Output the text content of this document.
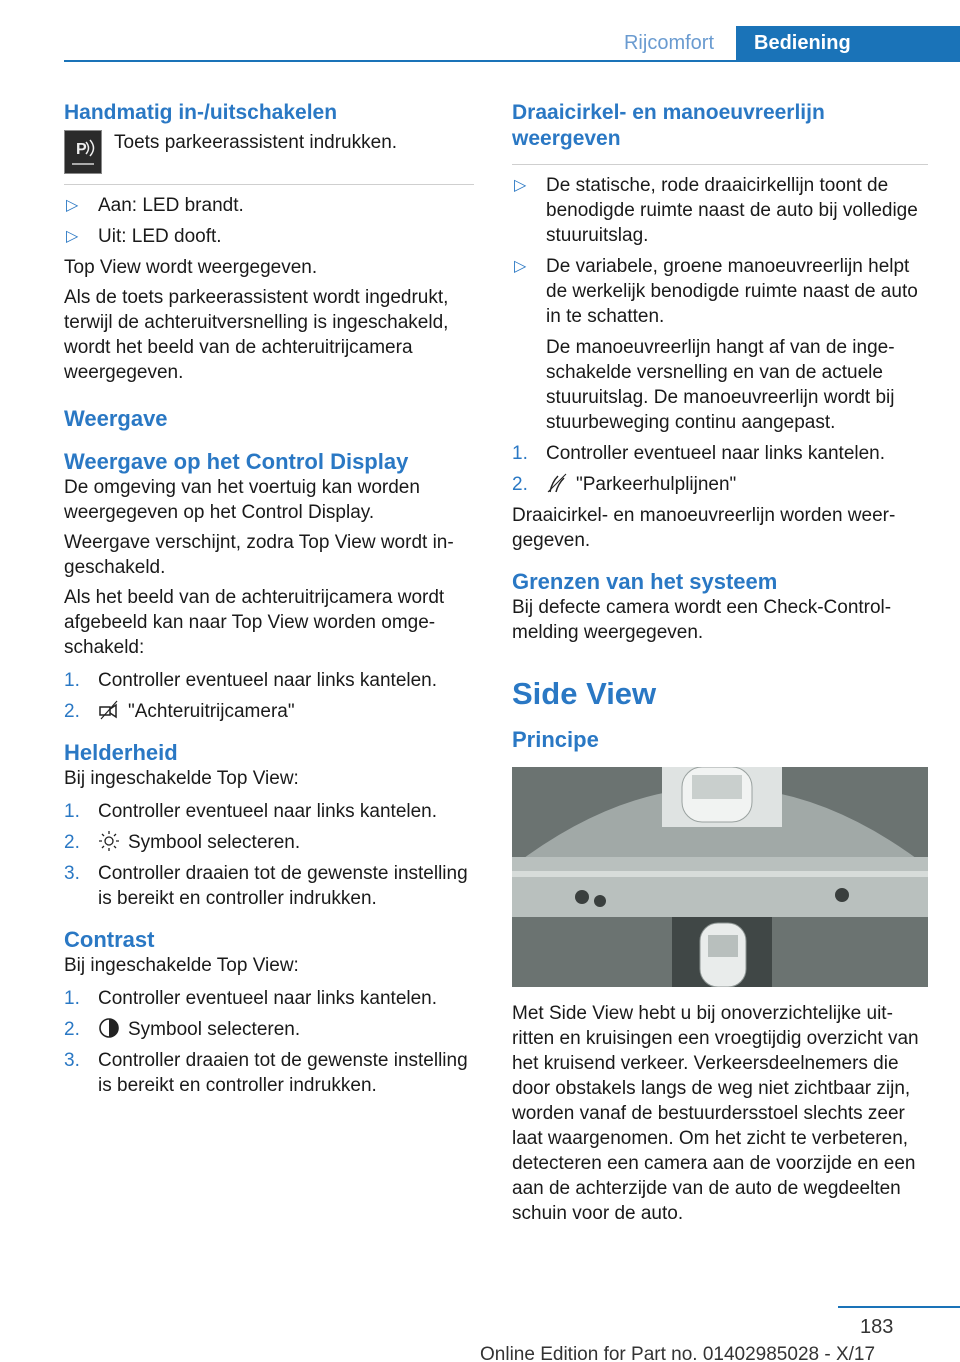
Rijcomfort	Bediening
Handmatig in-/uitschakelen
P Toets parkeerassistent indrukken.
▷ Aan: LED brandt.
▷ Uit: LED dooft.

Top View wordt weergegeven.

Als de toets parkeerassistent wordt ingedrukt, terwijl de achteruitversnelling is ingeschakeld, wordt het beeld van de achteruitrijcamera weergegeven.

Weergave
Weergave op het Control Display

De omgeving van het voertuig kan worden weergegeven op het Control Display.

Weergave verschijnt, zodra Top View wordt ingeschakeld.

Als het beeld van de achteruitrijcamera wordt afgebeeld kan naar Top View worden omgeschakeld:

1. Controller eventueel naar links kantelen.
2.	"Achteruitrijcamera"
Helderheid

Bij ingeschakelde Top View:

1. Controller eventueel naar links kantelen.
2.	Symbool selecteren.
3. Controller draaien tot de gewenste instelling is bereikt en controller indrukken.
Contrast

Bij ingeschakelde Top View:

1. Controller eventueel naar links kantelen.
2.	Symbool selecteren.
3. Controller draaien tot de gewenste instelling is bereikt en controller indrukken.
Draaicirkel- en manoeuvreerlijn weergeven
▷ De statische, rode draaicirkellijn toont de benodigde ruimte naast de auto bij volledige stuuruitslag.
▷ De variabele, groene manoeuvreerlijn helpt de werkelijk benodigde ruimte naast de auto in te schatten.
De manoeuvreerlijn hangt af van de ingeschakelde versnelling en van de actuele stuuruitslag. De manoeuvreerlijn wordt bij stuurbeweging continu aangepast.
1. Controller eventueel naar links kantelen.
2.	"Parkeerhulplijnen"

Draaicirkel- en manoeuvreerlijn worden weergegeven.

Grenzen van het systeem

Bij defecte camera wordt een Check-Control-melding weergegeven.

Side View
Principe

Met Side View hebt u bij onoverzichtelijke uitritten en kruisingen een vroegtijdig overzicht van het kruisend verkeer. Verkeersdeelnemers die door obstakels langs de weg niet zichtbaar zijn, worden vanaf de bestuurdersstoel slechts zeer laat waargenomen. Om het zicht te verbeteren, detecteren een camera aan de voorzijde en een aan de achterzijde van de auto de wegdeelten schuin voor de auto.

183
Online Edition for Part no. 01402985028 - X/17
